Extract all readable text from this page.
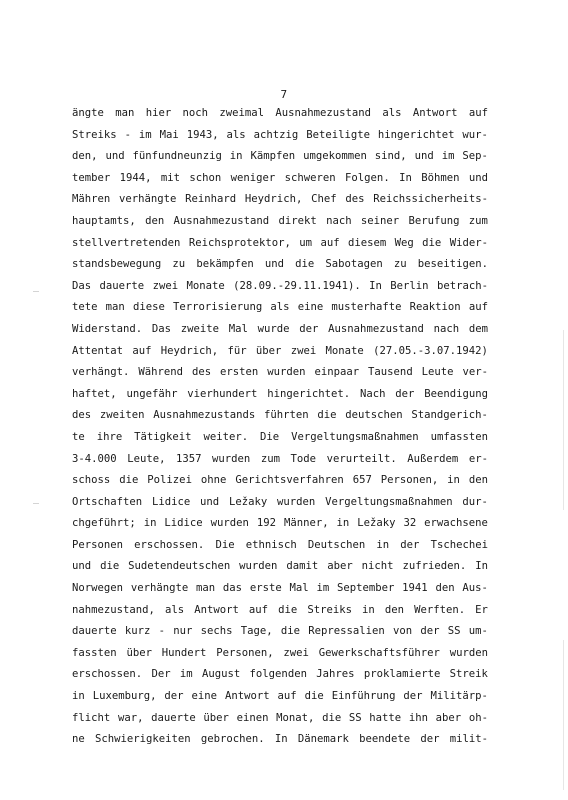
7
ängte man hier noch zweimal Ausnahmezustand als Antwort auf
Streiks - im Mai 1943, als achtzig Beteiligte hingerichtet wur-
den, und fünfundneunzig in Kämpfen umgekommen sind, und im Sep-
tember 1944, mit schon weniger schweren Folgen. In Böhmen und
Mähren verhängte Reinhard Heydrich, Chef des Reichssicherheits-
hauptamts, den Ausnahmezustand direkt nach seiner Berufung zum
stellvertretenden Reichsprotektor, um auf diesem Weg die Wider-
standsbewegung zu bekämpfen und die Sabotagen zu beseitigen.
Das dauerte zwei Monate (28.09.-29.11.1941). In Berlin betrach-
tete man diese Terrorisierung als eine musterhafte Reaktion auf
Widerstand. Das zweite Mal wurde der Ausnahmezustand nach dem
Attentat auf Heydrich, für über zwei Monate (27.05.-3.07.1942)
verhängt. Während des ersten wurden einpaar Tausend Leute ver-
haftet, ungefähr vierhundert hingerichtet. Nach der Beendigung
des zweiten Ausnahmezustands führten die deutschen Standgerich-
te ihre Tätigkeit weiter. Die Vergeltungsmaßnahmen umfassten
3-4.000 Leute, 1357 wurden zum Tode verurteilt. Außerdem er-
schoss die Polizei ohne Gerichtsverfahren 657 Personen, in den
Ortschaften Lidice und Ležaky wurden Vergeltungsmaßnahmen dur-
chgeführt; in Lidice wurden 192 Männer, in Ležaky 32 erwachsene
Personen erschossen. Die ethnisch Deutschen in der Tschechei
und die Sudetendeutschen wurden damit aber nicht zufrieden. In
Norwegen verhängte man das erste Mal im September 1941 den Aus-
nahmezustand, als Antwort auf die Streiks in den Werften. Er
dauerte kurz - nur sechs Tage, die Repressalien von der SS um-
fassten über Hundert Personen, zwei Gewerkschaftsführer wurden
erschossen. Der im August folgenden Jahres proklamierte Streik
in Luxemburg, der eine Antwort auf die Einführung der Militärp-
flicht war, dauerte über einen Monat, die SS hatte ihn aber oh-
ne Schwierigkeiten gebrochen. In Dänemark beendete der milit-
